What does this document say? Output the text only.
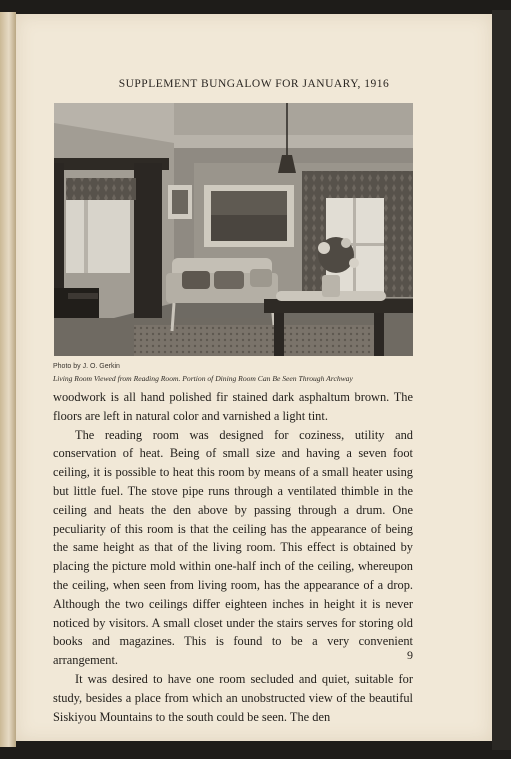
SUPPLEMENT BUNGALOW FOR JANUARY, 1916
Photo by J. O. Gerkin
Living Room Viewed from Reading Room. Portion of Dining Room Can Be Seen Through Archway

woodwork is all hand polished fir stained dark asphaltum brown. The floors are left in natural color and varnished a light tint.

The reading room was designed for coziness, utility and conservation of heat. Being of small size and having a seven foot ceiling, it is possible to heat this room by means of a small heater using but little fuel. The stove pipe runs through a ventilated thimble in the ceiling and heats the den above by passing through a drum. One peculiarity of this room is that the ceiling has the appearance of being the same height as that of the living room. This effect is obtained by placing the picture mold within one-half inch of the ceiling, whereupon the ceiling, when seen from living room, has the appearance of a drop. Although the two ceilings differ eighteen inches in height it is never noticed by visitors. A small closet under the stairs serves for storing old books and magazines. This is found to be a very convenient arrangement.

It was desired to have one room secluded and quiet, suitable for study, besides a place from which an unobstructed view of the beautiful Siskiyou Mountains to the south could be seen. The den

9
